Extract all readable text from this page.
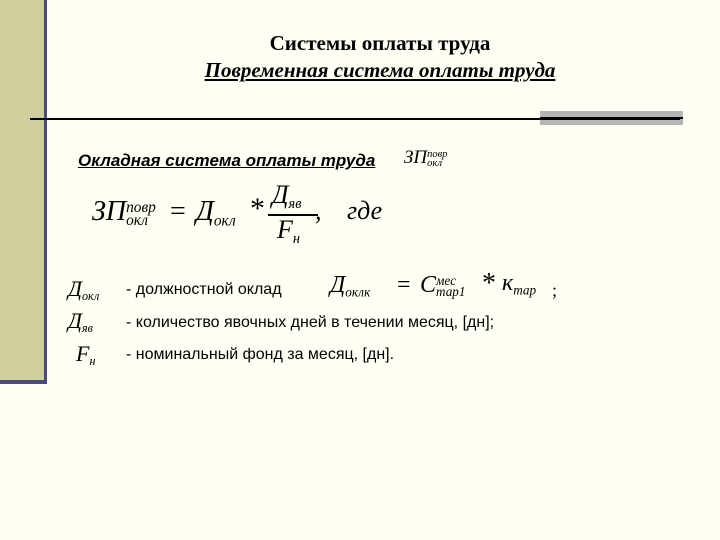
Системы оплаты труда
Повременная система оплаты труда
Окладная система оплаты труда ЗП повр
окл
ЗП повр
окл = $Д_{окл} * Д_{яв}$
$F_н$
, где
$Д_{окл}$ - должностной оклад $Д_{оклк} = С$ мес
$тар1 * к_{тар}$ ;
$Д_{яв}$ - количество явочных дней в течении месяц, [дн];
$F_н$ - номинальный фонд за месяц, [дн].
